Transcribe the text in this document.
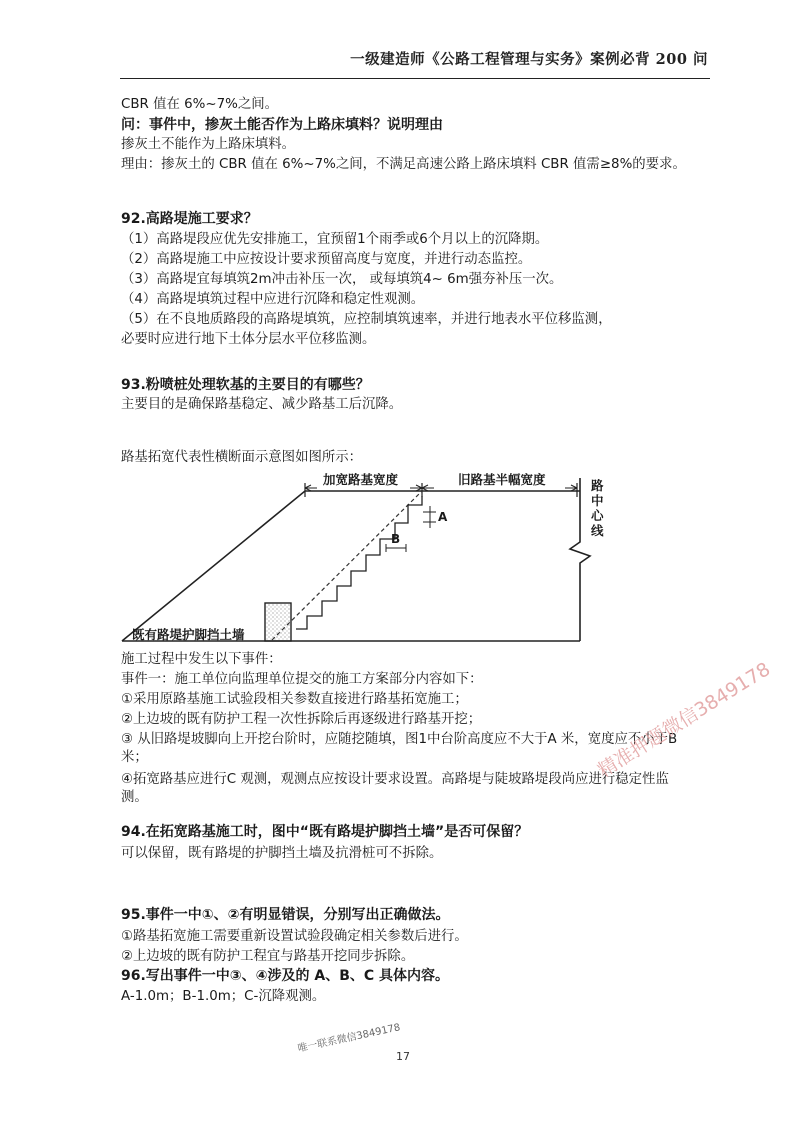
一级建造师《公路工程管理与实务》案例必背 200 问
CBR 值在 6%~7%之间。
问：事件中，掺灰土能否作为上路床填料？说明理由
掺灰土不能作为上路床填料。
理由：掺灰土的 CBR 值在 6%~7%之间，不满足高速公路上路床填料 CBR 值需≥8%的要求。
92.高路堤施工要求？
（1）高路堤段应优先安排施工，宜预留1个雨季或6个月以上的沉降期。
（2）高路堤施工中应按设计要求预留高度与宽度，并进行动态监控。
（3）高路堤宜每填筑2m冲击补压一次， 或每填筑4~ 6m强夯补压一次。
（4）高路堤填筑过程中应进行沉降和稳定性观测。
（5）在不良地质路段的高路堤填筑，应控制填筑速率，并进行地表水平位移监测，
必要时应进行地下土体分层水平位移监测。
93.粉喷桩处理软基的主要目的有哪些？
主要目的是确保路基稳定、减少路基工后沉降。
路基拓宽代表性横断面示意图如图所示：
加宽路基宽度	旧路基半幅宽度	路中心线
A
B
既有路堤护脚挡土墙
施工过程中发生以下事件：
事件一：施工单位向监理单位提交的施工方案部分内容如下：
①采用原路基施工试验段相关参数直接进行路基拓宽施工；
②上边坡的既有防护工程一次性拆除后再逐级进行路基开挖；
③ 从旧路堤坡脚向上开挖台阶时，应随挖随填，图1中台阶高度应不大于A 米，宽度应不小于B米；
④拓宽路基应进行C 观测，观测点应按设计要求设置。高路堤与陡坡路堤段尚应进行稳定性监测。
94.在拓宽路基施工时，图中“既有路堤护脚挡土墙”是否可保留？
可以保留，既有路堤的护脚挡土墙及抗滑桩可不拆除。
95.事件一中①、②有明显错误，分别写出正确做法。
①路基拓宽施工需要重新设置试验段确定相关参数后进行。
②上边坡的既有防护工程宜与路基开挖同步拆除。
96.写出事件一中③、④涉及的 A、B、C 具体内容。
A-1.0m；B-1.0m；C-沉降观测。
精准押题微信3849178
唯一联系微信3849178
17
